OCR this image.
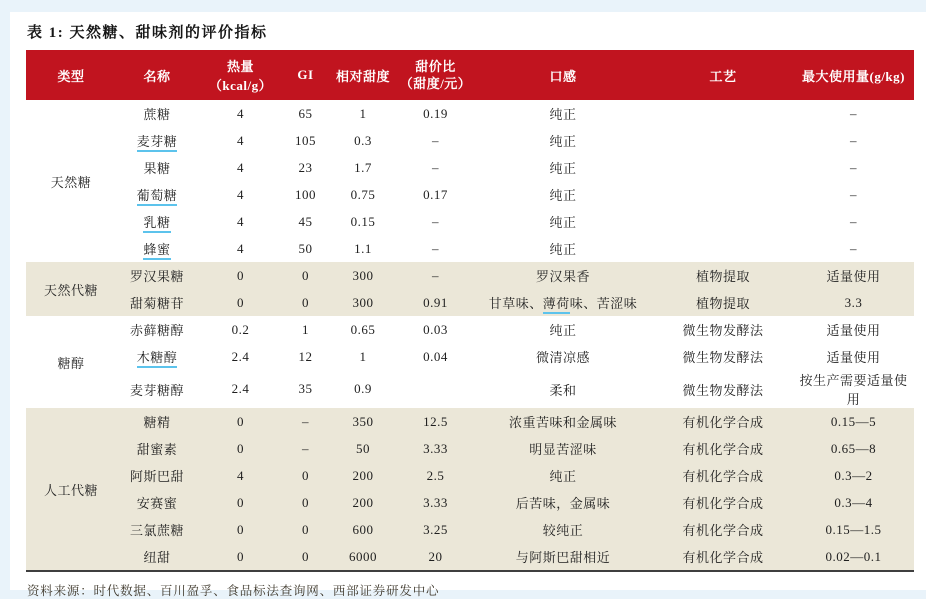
表 1: 天然糖、甜味剂的评价指标
类型	名称	热量（kcal/g）	GI	相对甜度	甜价比
（甜度/元）	口感	工艺	最大使用量(g/kg)
天然糖	蔗糖	4	65	1	0.19	纯正		–
	麦芽糖	4	105	0.3	–	纯正		–
	果糖	4	23	1.7	–	纯正		–
	葡萄糖	4	100	0.75	0.17	纯正		–
	乳糖	4	45	0.15	–	纯正		–
	蜂蜜	4	50	1.1	–	纯正		–
天然代糖	罗汉果糖	0	0	300	–	罗汉果香	植物提取	适量使用
	甜菊糖苷	0	0	300	0.91	甘草味、薄荷味、苦涩味	植物提取	3.3
糖醇	赤藓糖醇	0.2	1	0.65	0.03	纯正	微生物发酵法	适量使用
	木糖醇	2.4	12	1	0.04	微清凉感	微生物发酵法	适量使用
	麦芽糖醇	2.4	35	0.9		柔和	微生物发酵法	按生产需要适量使用
人工代糖	糖精	0	–	350	12.5	浓重苦味和金属味	有机化学合成	0.15—5
	甜蜜素	0	–	50	3.33	明显苦涩味	有机化学合成	0.65—8
	阿斯巴甜	4	0	200	2.5	纯正	有机化学合成	0.3—2
	安赛蜜	0	0	200	3.33	后苦味，金属味	有机化学合成	0.3—4
	三氯蔗糖	0	0	600	3.25	较纯正	有机化学合成	0.15—1.5
	纽甜	0	0	6000	20	与阿斯巴甜相近	有机化学合成	0.02—0.1
资料来源：时代数据、百川盈孚、食品标法查询网、西部证券研发中心
